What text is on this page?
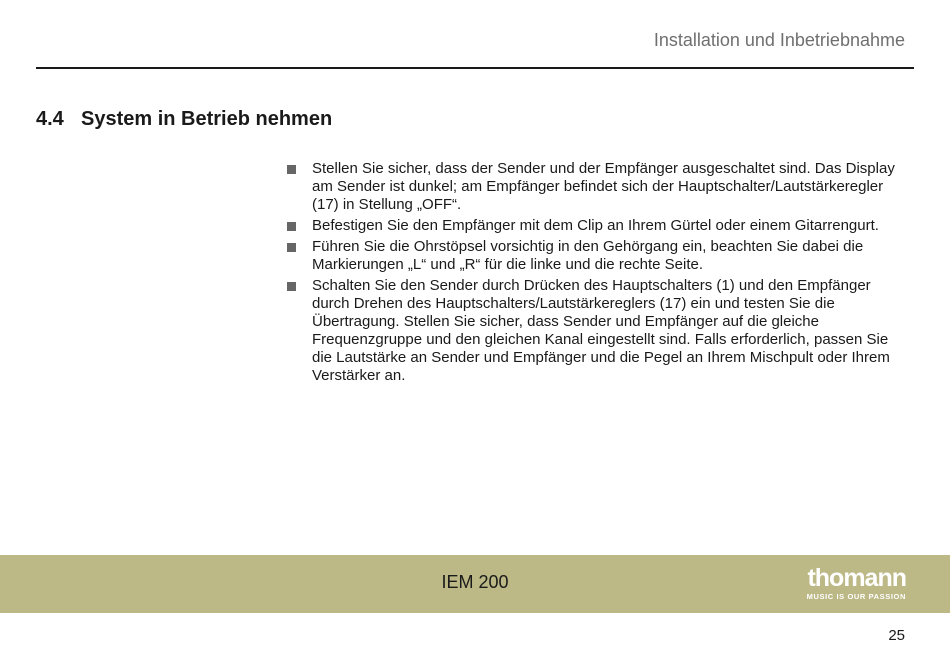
Installation und Inbetriebnahme
4.4 System in Betrieb nehmen
Stellen Sie sicher, dass der Sender und der Empfänger ausgeschaltet sind. Das Display am Sender ist dunkel; am Empfänger befindet sich der Hauptschalter/Lautstärkeregler (17) in Stellung „OFF“.
Befestigen Sie den Empfänger mit dem Clip an Ihrem Gürtel oder einem Gitarrengurt.
Führen Sie die Ohrstöpsel vorsichtig in den Gehörgang ein, beachten Sie dabei die Markierungen „L“ und „R“ für die linke und die rechte Seite.
Schalten Sie den Sender durch Drücken des Hauptschalters (1) und den Empfänger durch Drehen des Hauptschalters/Lautstärkereglers (17) ein und testen Sie die Übertragung. Stellen Sie sicher, dass Sender und Empfänger auf die gleiche Frequenzgruppe und den gleichen Kanal eingestellt sind. Falls erforderlich, passen Sie die Lautstärke an Sender und Empfänger und die Pegel an Ihrem Mischpult oder Ihrem Verstärker an.
IEM 200	thomann
MUSIC IS OUR PASSION
25
